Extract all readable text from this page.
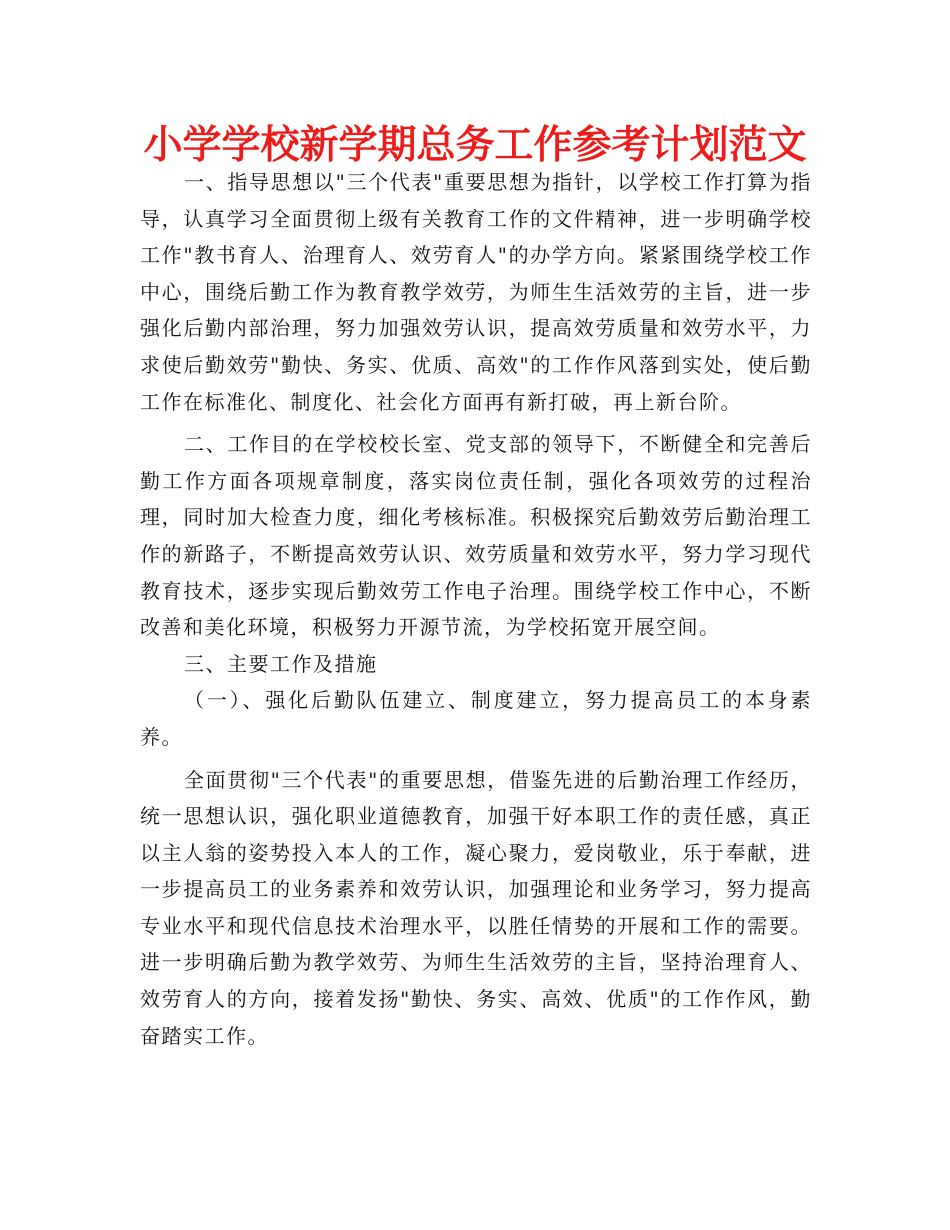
小学学校新学期总务工作参考计划范文

一、指导思想以"三个代表"重要思想为指针，以学校工作打算为指导，认真学习全面贯彻上级有关教育工作的文件精神，进一步明确学校工作"教书育人、治理育人、效劳育人"的办学方向。紧紧围绕学校工作中心，围绕后勤工作为教育教学效劳，为师生生活效劳的主旨，进一步强化后勤内部治理，努力加强效劳认识，提高效劳质量和效劳水平，力求使后勤效劳"勤快、务实、优质、高效"的工作作风落到实处，使后勤工作在标准化、制度化、社会化方面再有新打破，再上新台阶。

二、工作目的在学校校长室、党支部的领导下，不断健全和完善后勤工作方面各项规章制度，落实岗位责任制，强化各项效劳的过程治理，同时加大检查力度，细化考核标准。积极探究后勤效劳后勤治理工作的新路子，不断提高效劳认识、效劳质量和效劳水平，努力学习现代教育技术，逐步实现后勤效劳工作电子治理。围绕学校工作中心，不断改善和美化环境，积极努力开源节流，为学校拓宽开展空间。

三、主要工作及措施

（一）、强化后勤队伍建立、制度建立，努力提高员工的本身素养。

全面贯彻"三个代表"的重要思想，借鉴先进的后勤治理工作经历，统一思想认识，强化职业道德教育，加强干好本职工作的责任感，真正以主人翁的姿势投入本人的工作，凝心聚力，爱岗敬业，乐于奉献，进一步提高员工的业务素养和效劳认识，加强理论和业务学习，努力提高专业水平和现代信息技术治理水平，以胜任情势的开展和工作的需要。进一步明确后勤为教学效劳、为师生生活效劳的主旨，坚持治理育人、效劳育人的方向，接着发扬"勤快、务实、高效、优质"的工作作风，勤奋踏实工作。
